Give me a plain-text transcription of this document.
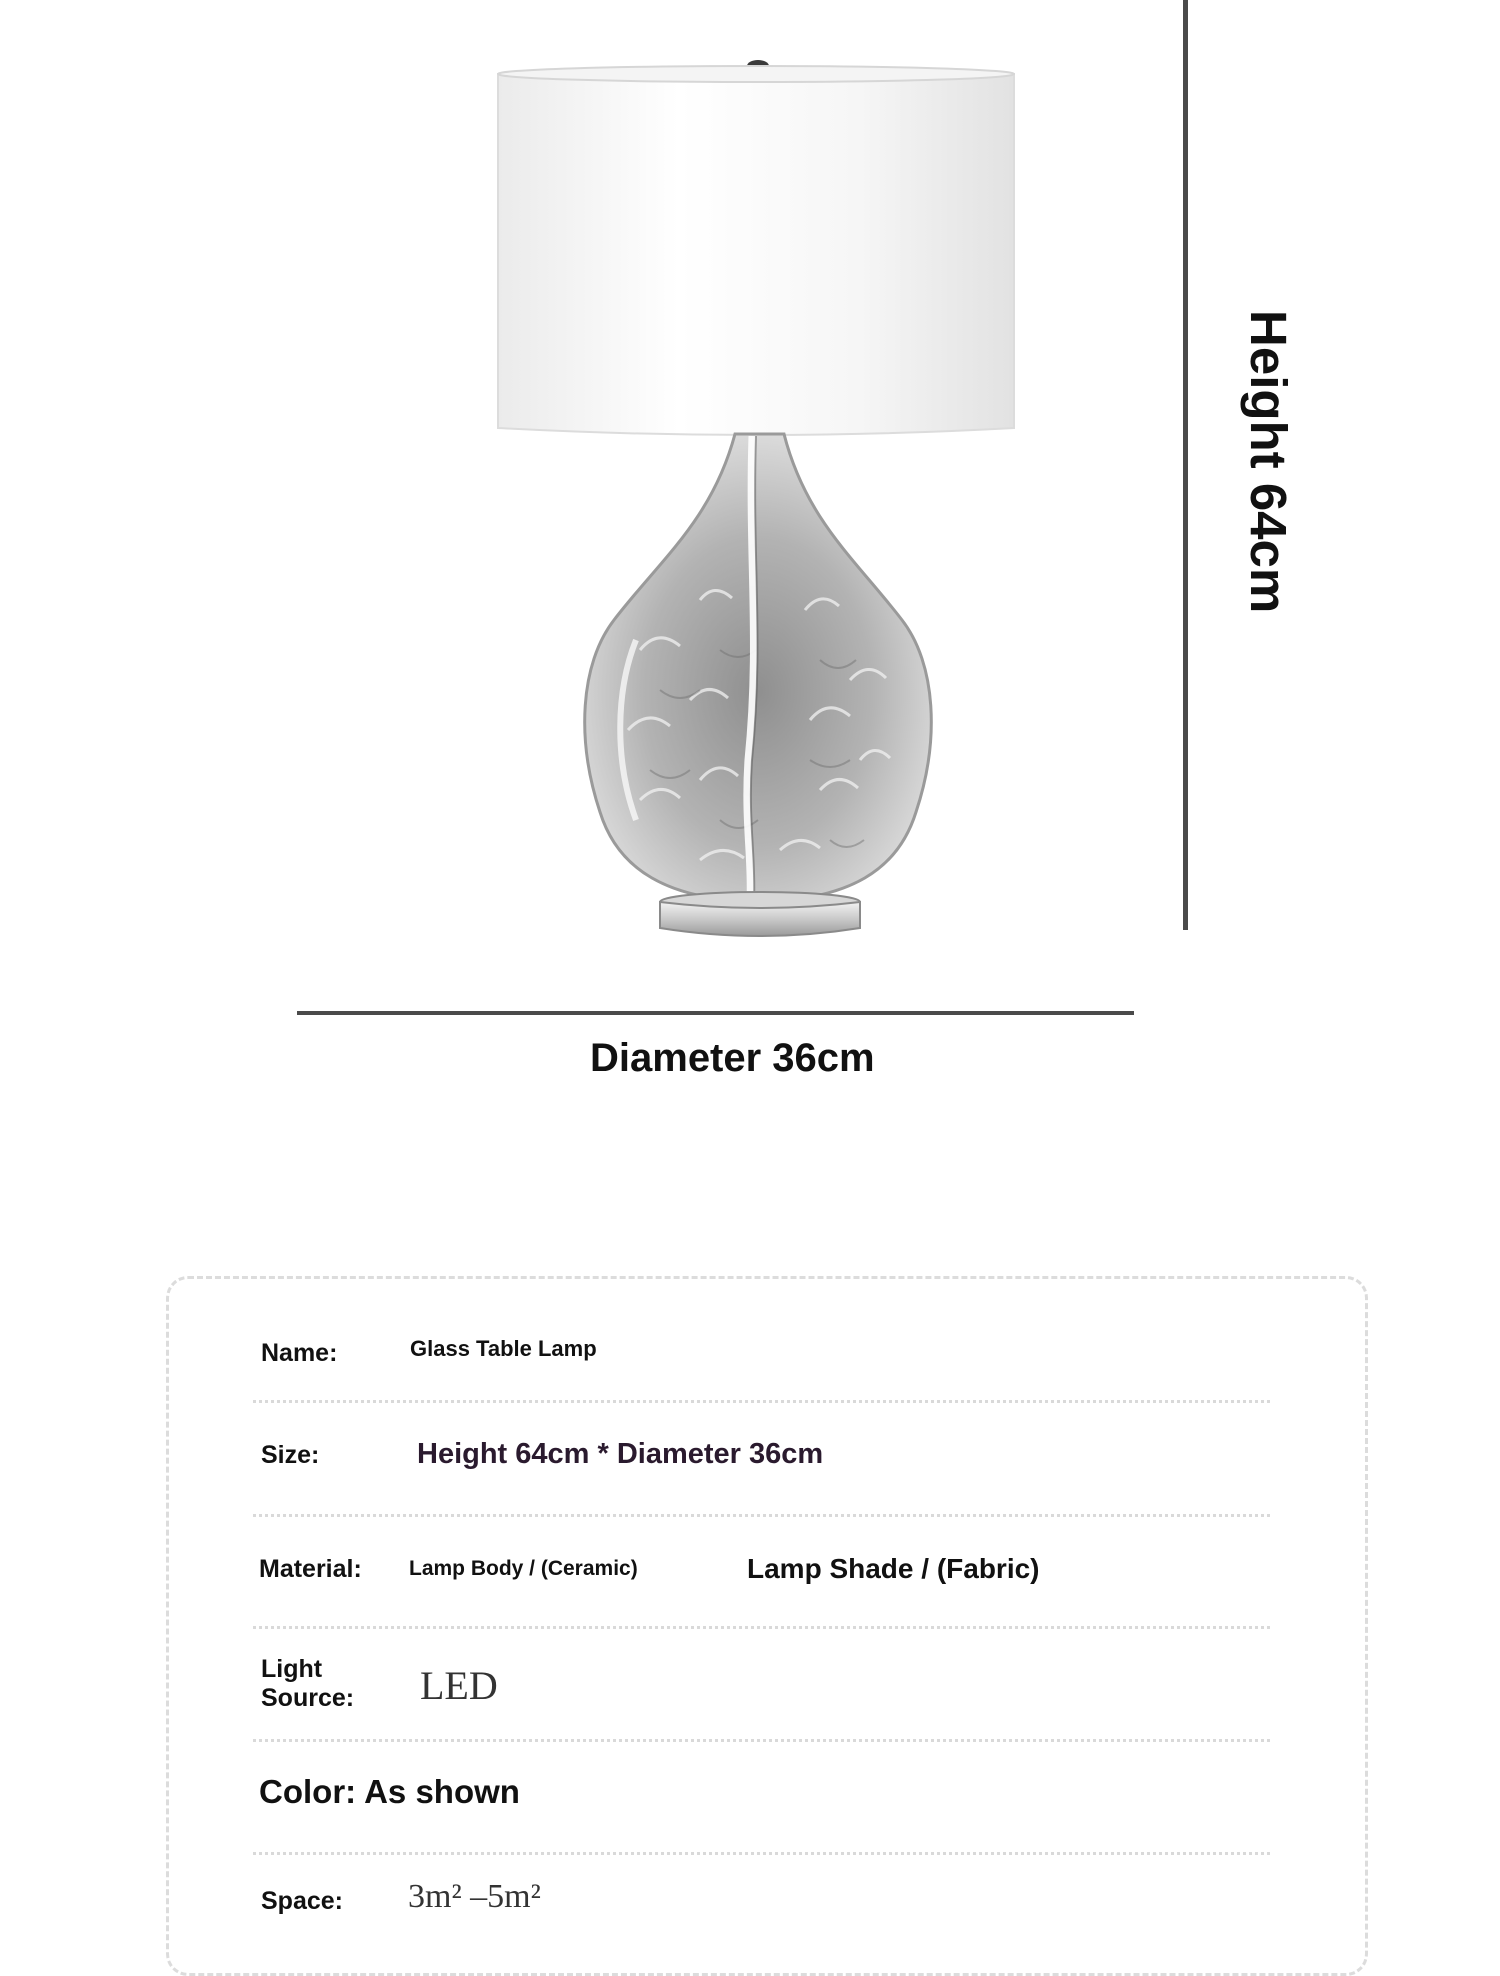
Height 64cm
Diameter 36cm
Name:	Glass Table Lamp
Size:	Height 64cm * Diameter 36cm
Material: Lamp Body / (Ceramic)	Lamp Shade / (Fabric)
Light
Source: LED
Color: As shown
Space: 3m² –5m²
